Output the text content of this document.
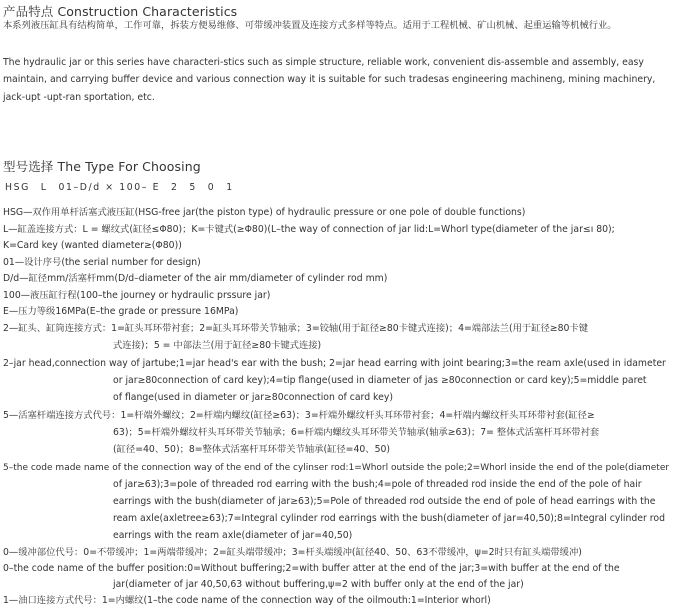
产品特点 Construction Characteristics

本系列液压缸具有结构简单，工作可靠，拆装方便易维修、可带缓冲装置及连接方式多样等特点。适用于工程机械、矿山机械、起重运输等机械行业。

The hydraulic jar or this series have characteri-stics such as simple structure, reliable work, convenient dis-assemble and assembly, easy maintain, and carrying buffer device and various connection way it is suitable for such tradesas engineering machineng, mining machinery, jack-upt -upt-ran sportation, etc.

型号选择 The Type For Choosing

HSG　L　01–D/d × 100– E　2　5　0　1

HSG—双作用单杆活塞式液压缸(HSG-free jar(the piston type) of hydraulic pressure or one pole of double functions)

L—缸盖连接方式：L = 螺纹式(缸径≤Φ80)；K=卡键式(≥Φ80)(L–the way of connection of jar lid:L=Whorl type(diameter of the jar≤ı 80);

K=Card key (wanted diameter≥(Φ80))

01—设计序号(the serial number for design)

D/d—缸径mm/活塞杆mm(D/d–diameter of the air mm/diameter of cylinder rod mm)

100—液压缸行程(100–the journey or hydraulic prssure jar)

E—压力等级16MPa(E–the grade or pressure 16MPa)

2—缸头、缸筒连接方式：1=缸头耳环带衬套；2=缸头耳环带关节轴承；3=铰轴(用于缸径≥80卡键式连接)；4=端部法兰(用于缸径≥80卡键

式连接)；5 = 中部法兰(用于缸径≥80卡键式连接)

2–jar head,connection way of jartube;1=jar head's ear with the bush; 2=jar head earring with joint bearing;3=the ream axle(used in idameter

or jar≥80connection of card key);4=tip flange(used in diameter of jas ≥80connection or card key);5=middle paret

of flange(used in diameter or jar≥80connection of card key)

5—活塞杆端连接方式代号：1=杆端外螺纹；2=杆端内螺纹(缸径≥63)；3=杆端外螺纹杆头耳环带衬套；4=杆端内螺纹杆头耳环带衬套(缸径≥

63)；5=杆端外螺纹杆头耳环带关节轴承；6=杆端内螺纹头耳环带关节轴承(轴承≥63)；7= 整体式活塞杆耳环带衬套

(缸径=40、50)；8=整体式活塞杆耳环带关节轴承(缸径=40、50)

5–the code made name of the connection way of the end of the cylinser rod:1=Whorl outside the pole;2=Whorl inside the end of the pole(diameter

of jar≥63);3=pole of threaded rod earring with the bush;4=pole of threaded rod inside the end of the pole of hair

earrings with the bush(diameter of jar≥63);5=Pole of threaded rod outside the end of pole of head earrings with the

ream axle(axletree≥63);7=Integral cylinder rod earrings with the bush(diameter of jar=40,50);8=Integral cylinder rod

earrings with the ream axle(diameter of jar=40,50)

0—缓冲部位代号：0=不带缓冲；1=两端带缓冲；2=缸头端带缓冲；3=杆头端缓冲(缸径40、50、63不带缓冲，ψ=2时只有缸头端带缓冲)

0–the code name of the buffer position:0=Without buffering;2=with buffer atter at the end of the jar;3=with buffer at the end of the

jar(diameter of jar 40,50,63 without buffering,ψ=2 with buffer only at the end of the jar)

1—油口连接方式代号：1=内螺纹(1–the code name of the connection way of the oilmouth:1=Interior whorl)
